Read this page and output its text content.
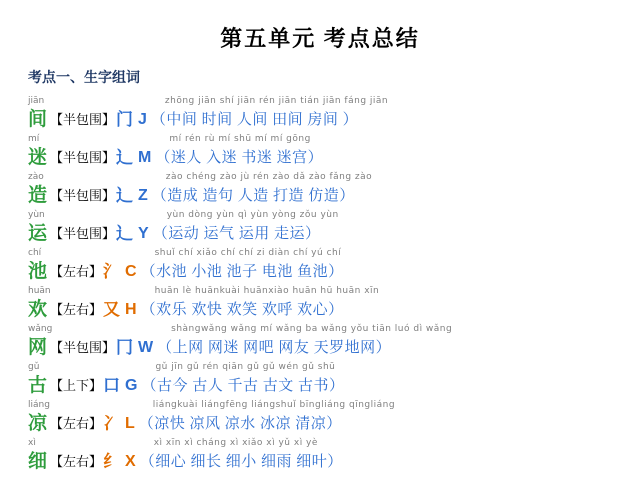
第五单元 考点总结
考点一、生字组词
jiān
间 【半包围】 门 J
zhōng jiān shí jiān rén jiān tián jiān fáng jiān
（中间 时间 人间 田间 房间 ）
mí
迷 【半包围】 辶 M
mí rén rù mí shū mí mí gōng
（迷人 入迷 书迷 迷宫）
zào
造 【半包围】 辶 Z
zào chéng zào jù rén zào dǎ zào fǎng zào
（造成 造句 人造 打造 仿造）
yùn
运 【半包围】 辶 Y
yùn dòng yùn qì yùn yòng zǒu yùn
（运动 运气 运用 走运）
chí
池 【左右】 氵 C
shuǐ chí xiǎo chí chí zi diàn chí yú chí
（水池 小池 池子 电池 鱼池）
huān
欢 【左右】 又 H
huān lè huānkuài huānxiào huān hū huān xīn
（欢乐 欢快 欢笑 欢呼 欢心）
wǎng
网 【半包围】 冂 W
shàngwǎng wǎng mí wǎng ba wǎng yǒu tiān luó dì wǎng
（上网 网迷 网吧 网友 天罗地网）
gǔ
古 【上下】 口 G
gǔ jīn gǔ rén qiān gǔ gǔ wén gǔ shū
（古今 古人 千古 古文 古书）
liáng
凉 【左右】 冫 L
liángkuài liángfēng liángshuǐ bīngliáng qīngliáng
（凉快 凉风 凉水 冰凉 清凉）
xì
细 【左右】 纟 X
xì xīn xì cháng xì xiǎo xì yǔ xì yè
（细心 细长 细小 细雨 细叶）
